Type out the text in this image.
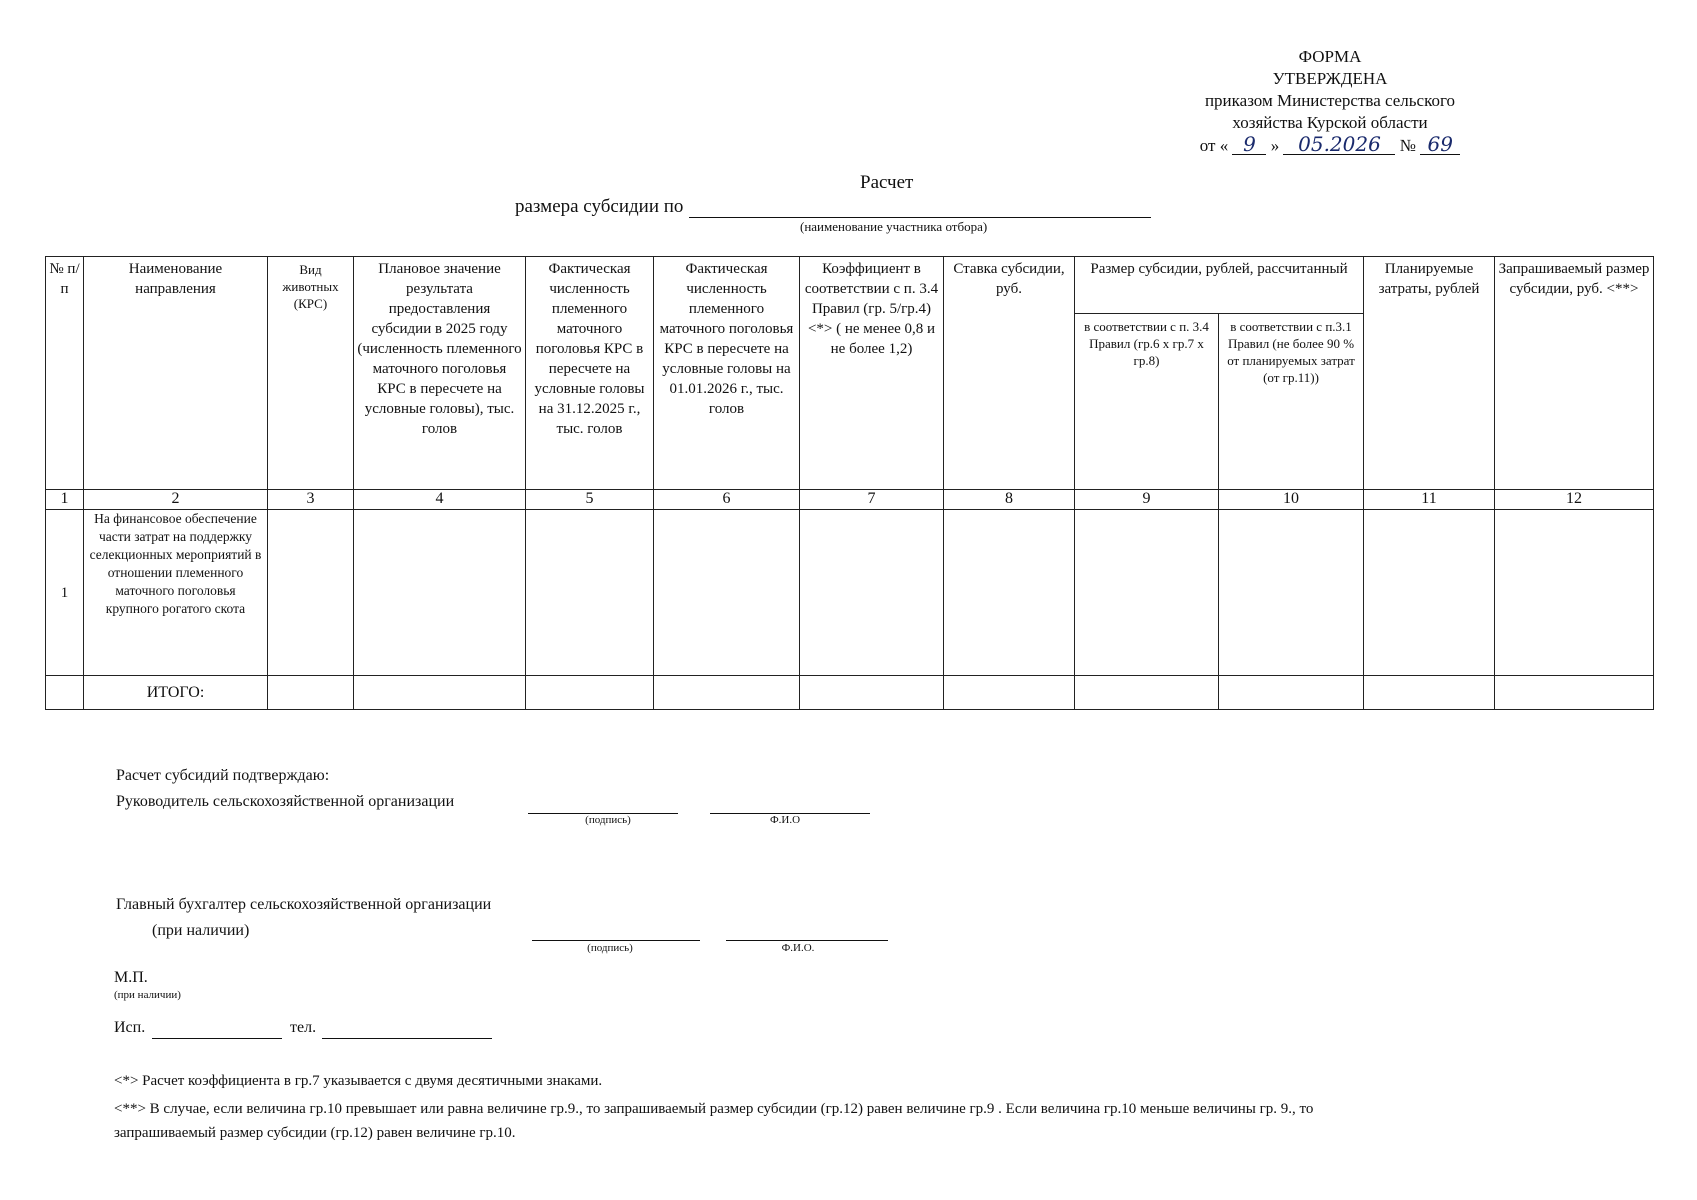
ФОРМА
УТВЕРЖДЕНА
приказом Министерства сельского
хозяйства Курской области
от « 9 » 05.2026 № 69
Расчет
размера субсидии по
(наименование участника отбора)
№ п/п	Наименование направления	Вид животных (КРС)	Плановое значение результата предоставления субсидии в 2025 году (численность племенного маточного поголовья КРС в пересчете на условные головы), тыс. голов	Фактическая численность племенного маточного поголовья КРС в пересчете на условные головы на 31.12.2025 г., тыс. голов	Фактическая численность племенного маточного поголовья КРС в пересчете на условные головы на 01.01.2026 г., тыс. голов	Коэффициент в соответствии с п. 3.4 Правил (гр. 5/гр.4) <*> ( не менее 0,8 и не более 1,2)	Ставка субсидии, руб.	Размер субсидии, рублей, рассчитанный		Планируемые затраты, рублей	Запрашиваемый размер субсидии, руб. <**>
								в соответствии с п. 3.4 Правил (гр.6 х гр.7 х гр.8)	в соответствии с п.3.1 Правил (не более 90 % от планируемых затрат (от гр.11))		
1	2	3	4	5	6	7	8	9	10	11	12
1	На финансовое обеспечение части затрат на поддержку селекционных мероприятий в отношении племенного маточного поголовья крупного рогатого скота										
	ИТОГО:										
Расчет субсидий подтверждаю:
Руководитель сельскохозяйственной организации
(подпись)	Ф.И.О
Главный бухгалтер сельскохозяйственной организации
(при наличии)
(подпись)	Ф.И.О.
М.П.
(при наличии)
Исп.	тел.
<*> Расчет коэффициента в гр.7 указывается с двумя десятичными знаками.
<**> В случае, если величина гр.10 превышает или равна величине гр.9., то запрашиваемый размер субсидии (гр.12) равен величине гр.9 . Если величина гр.10 меньше величины гр. 9., то
запрашиваемый размер субсидии (гр.12) равен величине гр.10.
